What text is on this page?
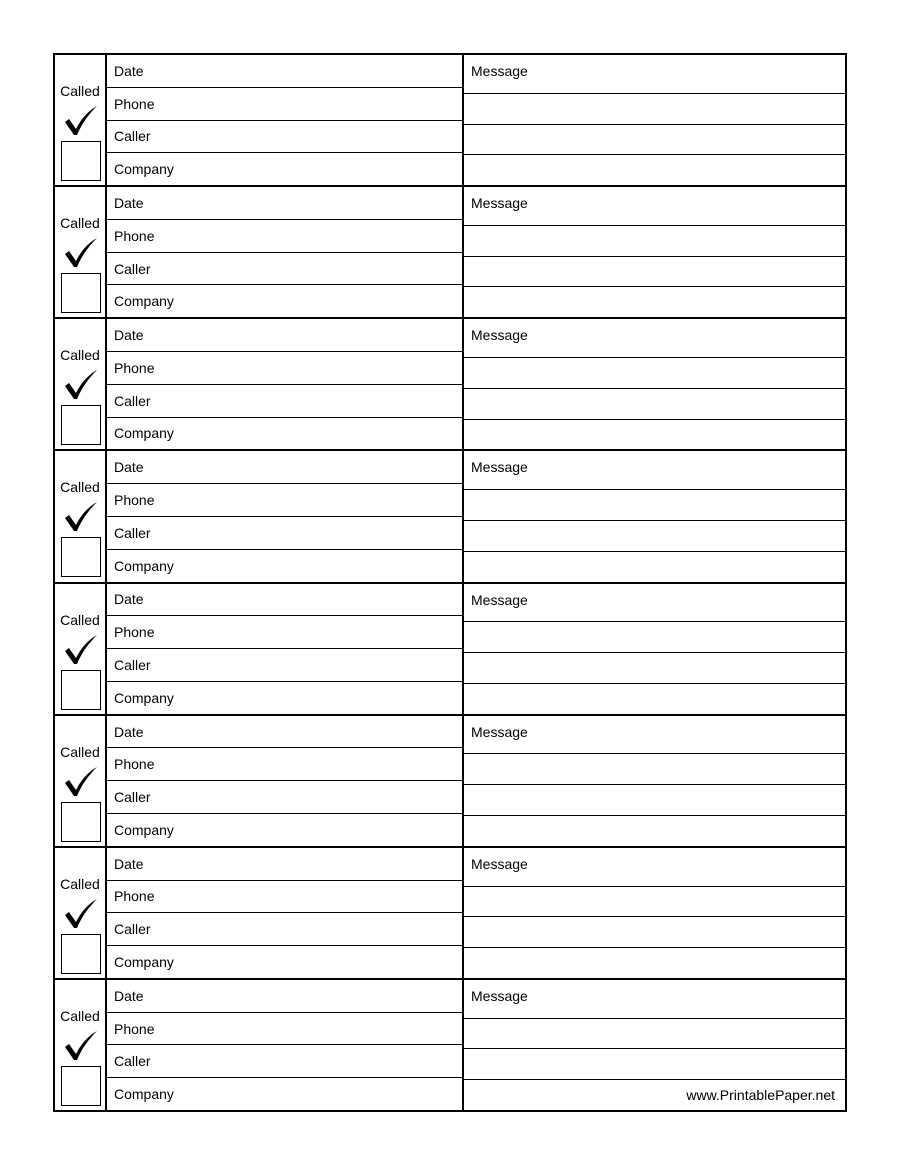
Called
Date
Phone
Caller
Company
Message
Called
Date
Phone
Caller
Company
Message
Called
Date
Phone
Caller
Company
Message
Called
Date
Phone
Caller
Company
Message
Called
Date
Phone
Caller
Company
Message
Called
Date
Phone
Caller
Company
Message
Called
Date
Phone
Caller
Company
Message
Called
Date
Phone
Caller
Company
Message
www.PrintablePaper.net
